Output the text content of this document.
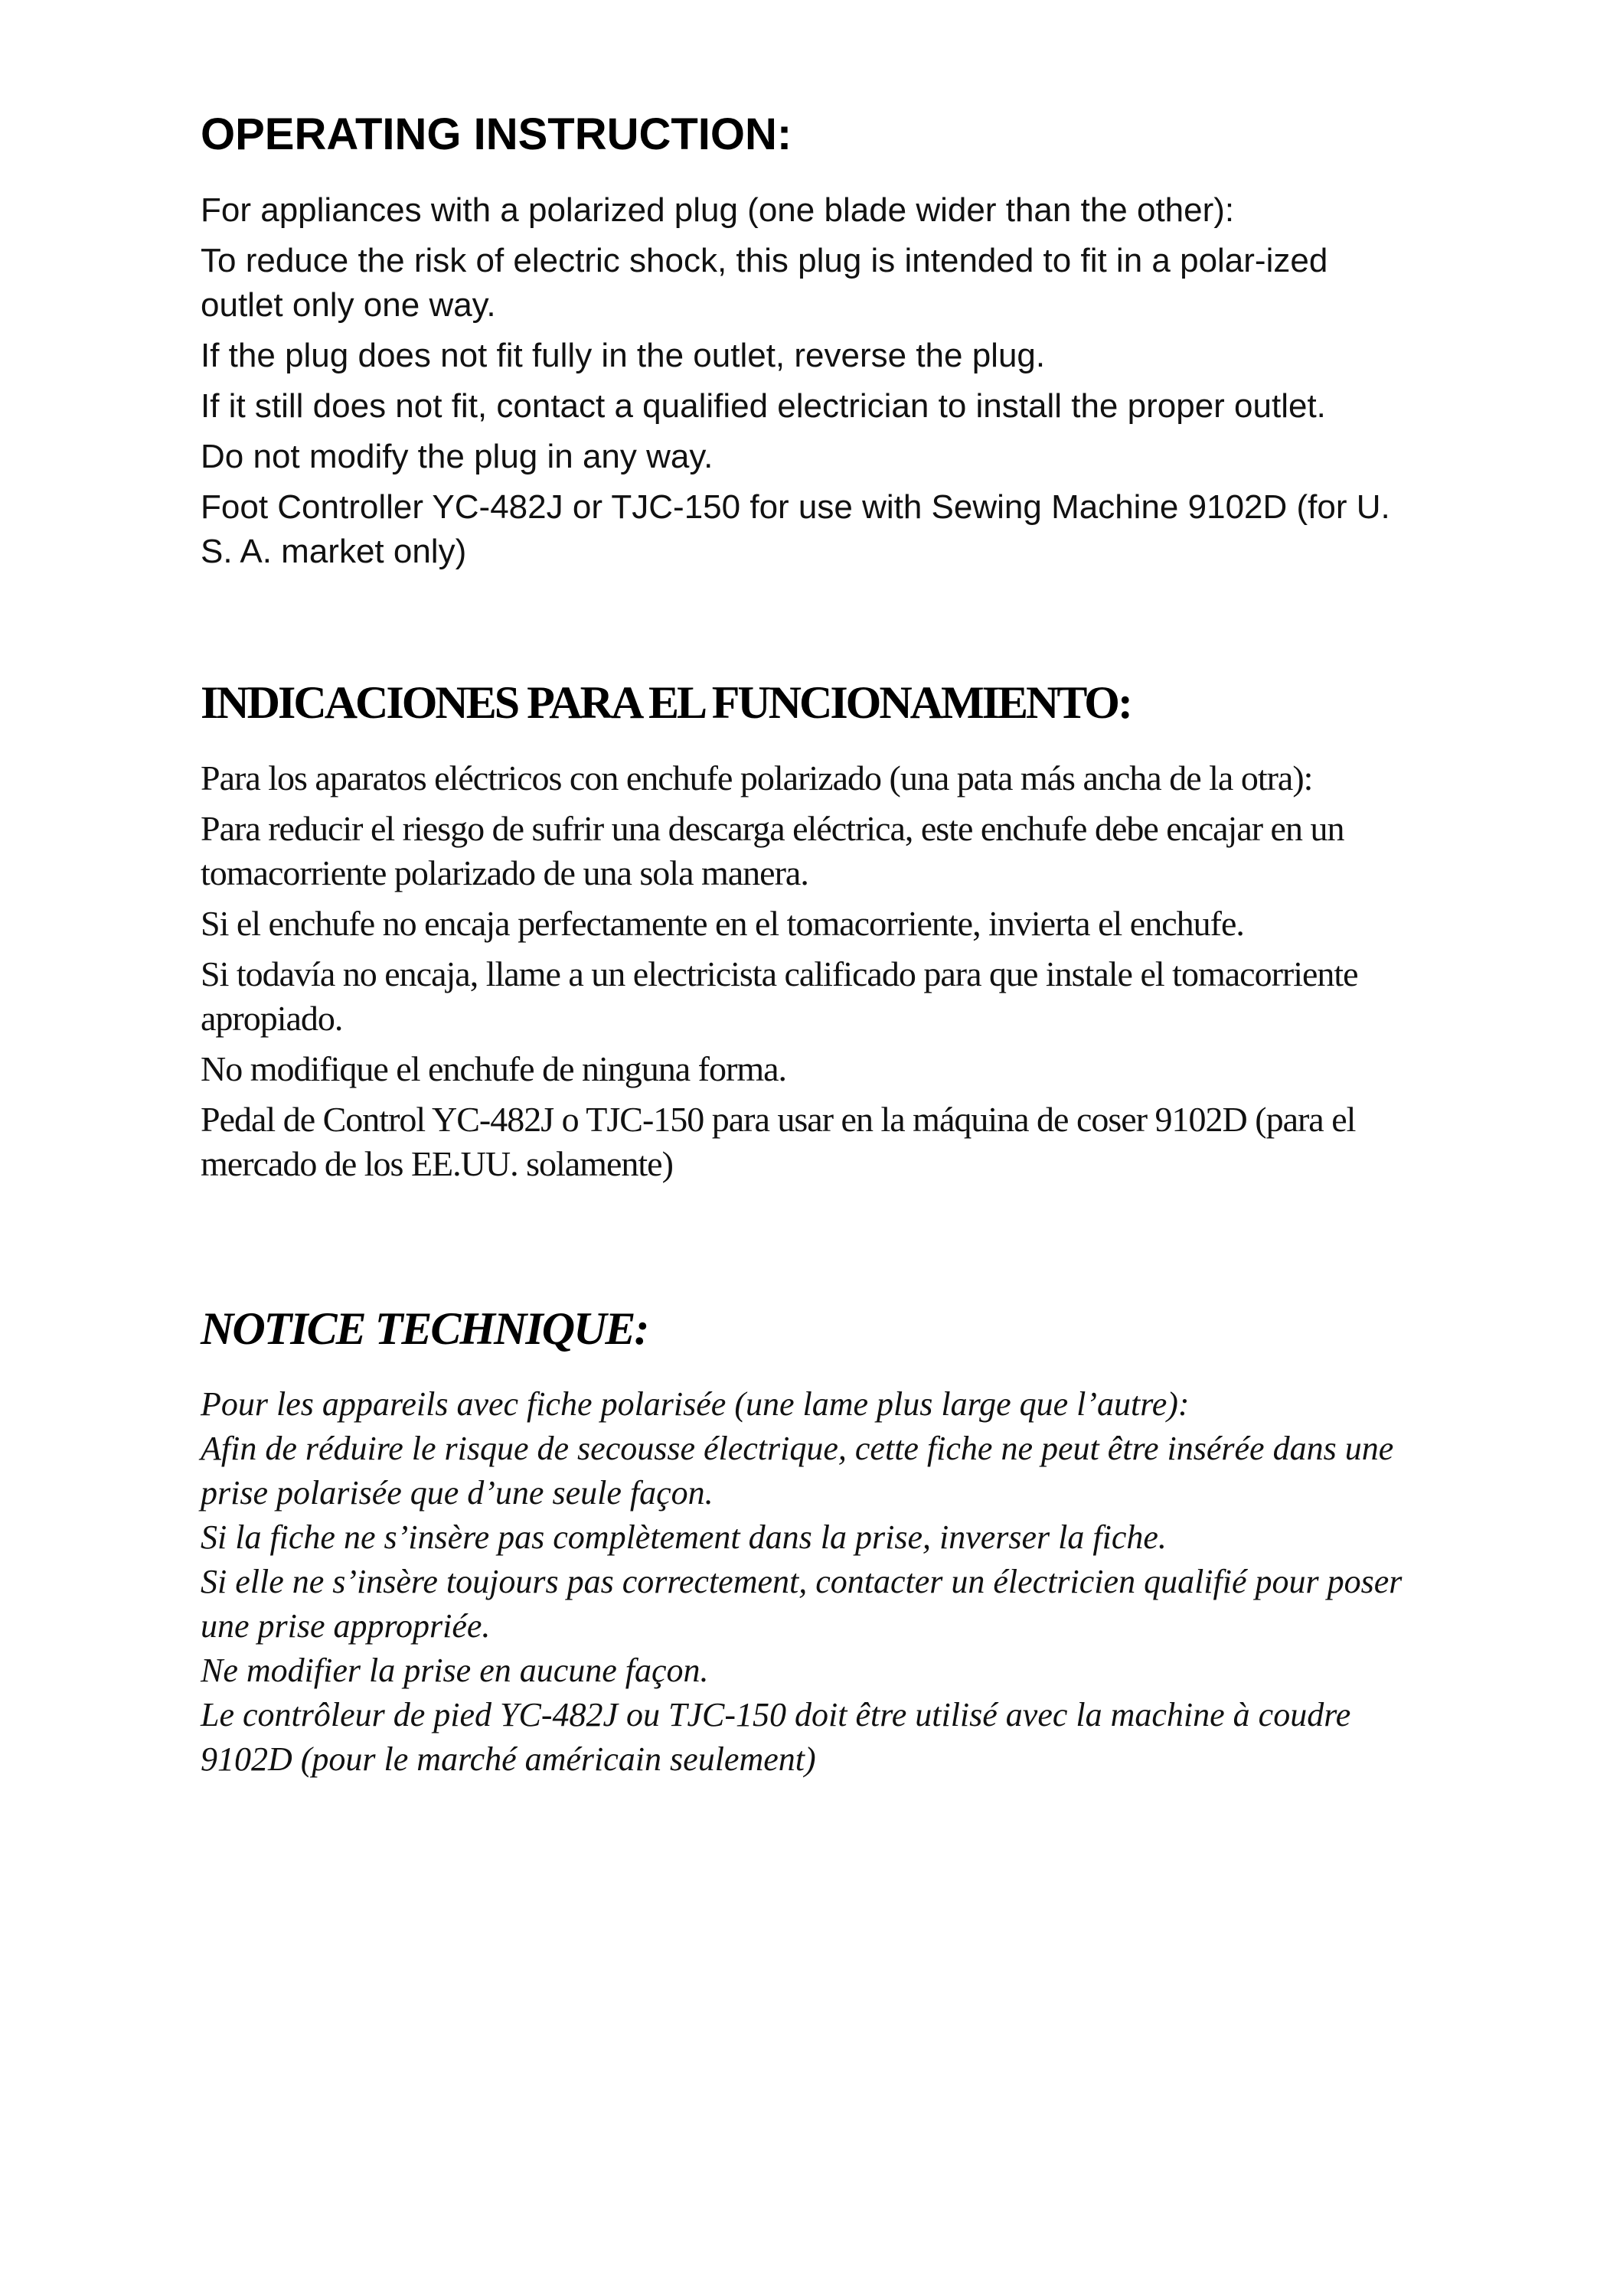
OPERATING INSTRUCTION:

For appliances with a polarized plug (one blade wider than the other):

To reduce the risk of electric shock, this plug is intended to fit in a polar-ized outlet only one way.

If the plug does not fit fully in the outlet, reverse the plug.

If it still does not fit, contact a qualified electrician to install the proper outlet.

Do not modify the plug in any way.

Foot Controller YC-482J or TJC-150 for use with Sewing Machine 9102D (for U. S. A. market only)

INDICACIONES PARA EL FUNCIONAMIENTO:

Para los aparatos eléctricos con enchufe polarizado (una pata más ancha de la otra):

Para reducir el riesgo de sufrir una descarga eléctrica, este enchufe debe encajar en un tomacorriente polarizado de una sola manera.

Si el enchufe no encaja perfectamente en el tomacorriente, invierta el enchufe.

Si todavía no encaja, llame a un electricista calificado para que instale el tomacorriente apropiado.

No modifique el enchufe de ninguna forma.

Pedal de Control YC-482J o TJC-150 para usar en la máquina de coser 9102D (para el mercado de los EE.UU. solamente)

NOTICE TECHNIQUE:

Pour les appareils avec fiche polarisée (une lame plus large que l’autre):

Afin de réduire le risque de secousse électrique, cette fiche ne peut être insérée dans une prise polarisée que d’une seule façon.

Si la fiche ne s’insère pas complètement dans la prise, inverser la fiche.

Si elle ne s’insère toujours pas correctement, contacter un électricien qualifié pour poser une prise appropriée.

Ne modifier la prise en aucune façon.

Le contrôleur de pied YC-482J ou TJC-150 doit être utilisé avec la machine à coudre 9102D (pour le marché américain seulement)
